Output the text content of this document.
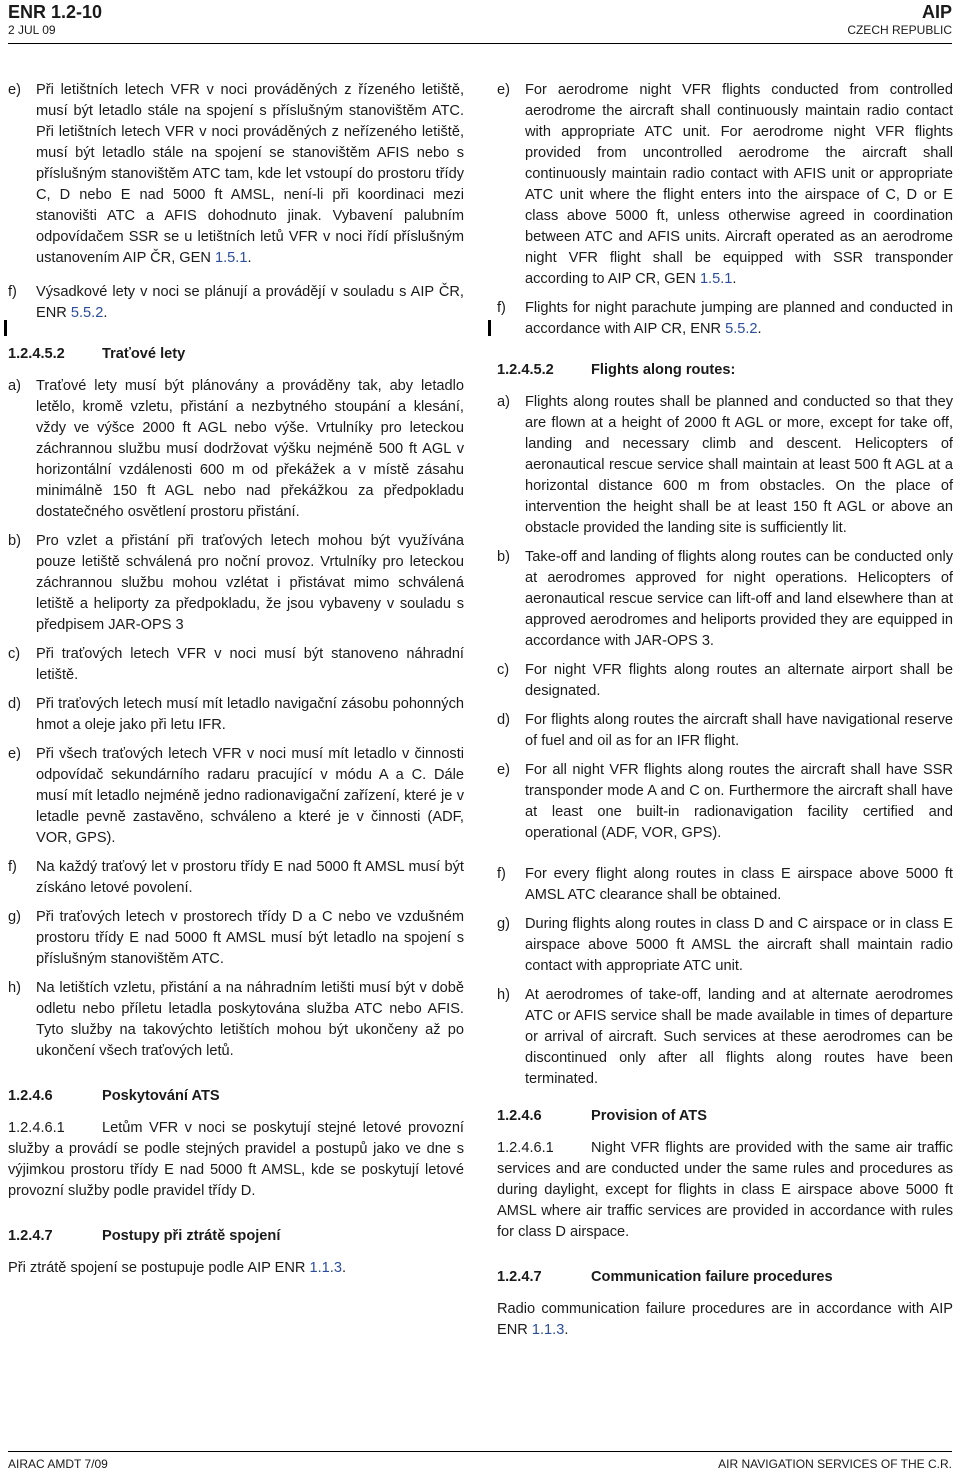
ENR 1.2-10
2 JUL 09
AIP
CZECH REPUBLIC
e)	Při letištních letech VFR v noci prováděných z řízeného letiště, musí být letadlo stále na spojení s příslušným stanovištěm ATC. Při letištních letech VFR v noci prováděných z neřízeného letiště, musí být letadlo stále na spojení se stanovištěm AFIS nebo s příslušným stanovištěm ATC tam, kde let vstoupí do prostoru třídy C, D nebo E nad 5000 ft AMSL, není-li při koordinaci mezi stanovišti ATC a AFIS dohodnuto jinak. Vybavení palubním odpovídačem SSR se u letištních letů VFR v noci řídí příslušným ustanovením AIP ČR, GEN 1.5.1.
f)	Výsadkové lety v noci se plánují a provádějí v souladu s AIP ČR, ENR 5.5.2.
1.2.4.5.2	Traťové lety
a)	Traťové lety musí být plánovány a prováděny tak, aby letadlo letělo, kromě vzletu, přistání a nezbytného stoupání a klesání, vždy ve výšce 2000 ft AGL nebo výše. Vrtulníky pro leteckou záchrannou službu musí dodržovat výšku nejméně 500 ft AGL v horizontální vzdálenosti 600 m od překážek a v místě zásahu minimálně 150 ft AGL nebo nad překážkou za předpokladu dostatečného osvětlení prostoru přistání.
b)	Pro vzlet a přistání při traťových letech mohou být využívána pouze letiště schválená pro noční provoz. Vrtulníky pro leteckou záchrannou službu mohou vzlétat i přistávat mimo schválená letiště a heliporty za předpokladu, že jsou vybaveny v souladu s předpisem JAR-OPS 3
c)	Při traťových letech VFR v noci musí být stanoveno náhradní letiště.
d)	Při traťových letech musí mít letadlo navigační zásobu pohonných hmot a oleje jako při letu IFR.
e)	Při všech traťových letech VFR v noci musí mít letadlo v činnosti odpovídač sekundárního radaru pracující v módu A a C. Dále musí mít letadlo nejméně jedno radionavigační zařízení, které je v letadle pevně zastavěno, schváleno a které je v činnosti (ADF, VOR, GPS).
f)	Na každý traťový let v prostoru třídy E nad 5000 ft AMSL musí být získáno letové povolení.
g)	Při traťových letech v prostorech třídy D a C nebo ve vzdušném prostoru třídy E nad 5000 ft AMSL musí být letadlo na spojení s příslušným stanovištěm ATC.
h)	Na letištích vzletu, přistání a na náhradním letišti musí být v době odletu nebo příletu letadla poskytována služba ATC nebo AFIS. Tyto služby na takovýchto letištích mohou být ukončeny až po ukončení všech traťových letů.
1.2.4.6	Poskytování ATS

1.2.4.6.1	Letům VFR v noci se poskytují stejné letové provozní služby a provádí se podle stejných pravidel a postupů jako ve dne s výjimkou prostoru třídy E nad 5000 ft AMSL, kde se poskytují letové provozní služby podle pravidel třídy D.

1.2.4.7	Postupy při ztrátě spojení

Při ztrátě spojení se postupuje podle AIP ENR 1.1.3.

e)	For aerodrome night VFR flights conducted from controlled aerodrome the aircraft shall continuously maintain radio contact with appropriate ATC unit. For aerodrome night VFR flights provided from uncontrolled aerodrome the aircraft shall continuously maintain radio contact with AFIS unit or appropriate ATC unit where the flight enters into the airspace of C, D or E class above 5000 ft, unless otherwise agreed in coordination between ATC and AFIS units. Aircraft operated as an aerodrome night VFR flight shall be equipped with SSR transponder according to AIP CR, GEN 1.5.1.
f)	Flights for night parachute jumping are planned and conducted in accordance with AIP CR, ENR 5.5.2.
1.2.4.5.2	Flights along routes:
a)	Flights along routes shall be planned and conducted so that they are flown at a height of 2000 ft AGL or more, except for take off, landing and necessary climb and descent. Helicopters of aeronautical rescue service shall maintain at least 500 ft AGL at a horizontal distance 600 m from obstacles. On the place of intervention the height shall be at least 150 ft AGL or above an obstacle provided the landing site is sufficiently lit.
b)	Take-off and landing of flights along routes can be conducted only at aerodromes approved for night operations. Helicopters of aeronautical rescue service can lift-off and land elsewhere than at approved aerodromes and heliports provided they are equipped in accordance with JAR-OPS 3.
c)	For night VFR flights along routes an alternate airport shall be designated.
d)	For flights along routes the aircraft shall have navigational reserve of fuel and oil as for an IFR flight.
e)	For all night VFR flights along routes the aircraft shall have SSR transponder mode A and C on. Furthermore the aircraft shall have at least one built-in radionavigation facility certified and operational (ADF, VOR, GPS).
f)	For every flight along routes in class E airspace above 5000 ft AMSL ATC clearance shall be obtained.
g)	During flights along routes in class D and C airspace or in class E airspace above 5000 ft AMSL the aircraft shall maintain radio contact with appropriate ATC unit.
h)	At aerodromes of take-off, landing and at alternate aerodromes ATC or AFIS service shall be made available in times of departure or arrival of aircraft. Such services at these aerodromes can be discontinued only after all flights along routes have been terminated.
1.2.4.6	Provision of ATS

1.2.4.6.1	Night VFR flights are provided with the same air traffic services and are conducted under the same rules and procedures as during daylight, except for flights in class E airspace above 5000 ft AMSL where air traffic services are provided in accordance with rules for class D airspace.

1.2.4.7	Communication failure procedures

Radio communication failure procedures are in accordance with AIP ENR 1.1.3.

AIRAC AMDT 7/09	AIR NAVIGATION SERVICES OF THE C.R.
